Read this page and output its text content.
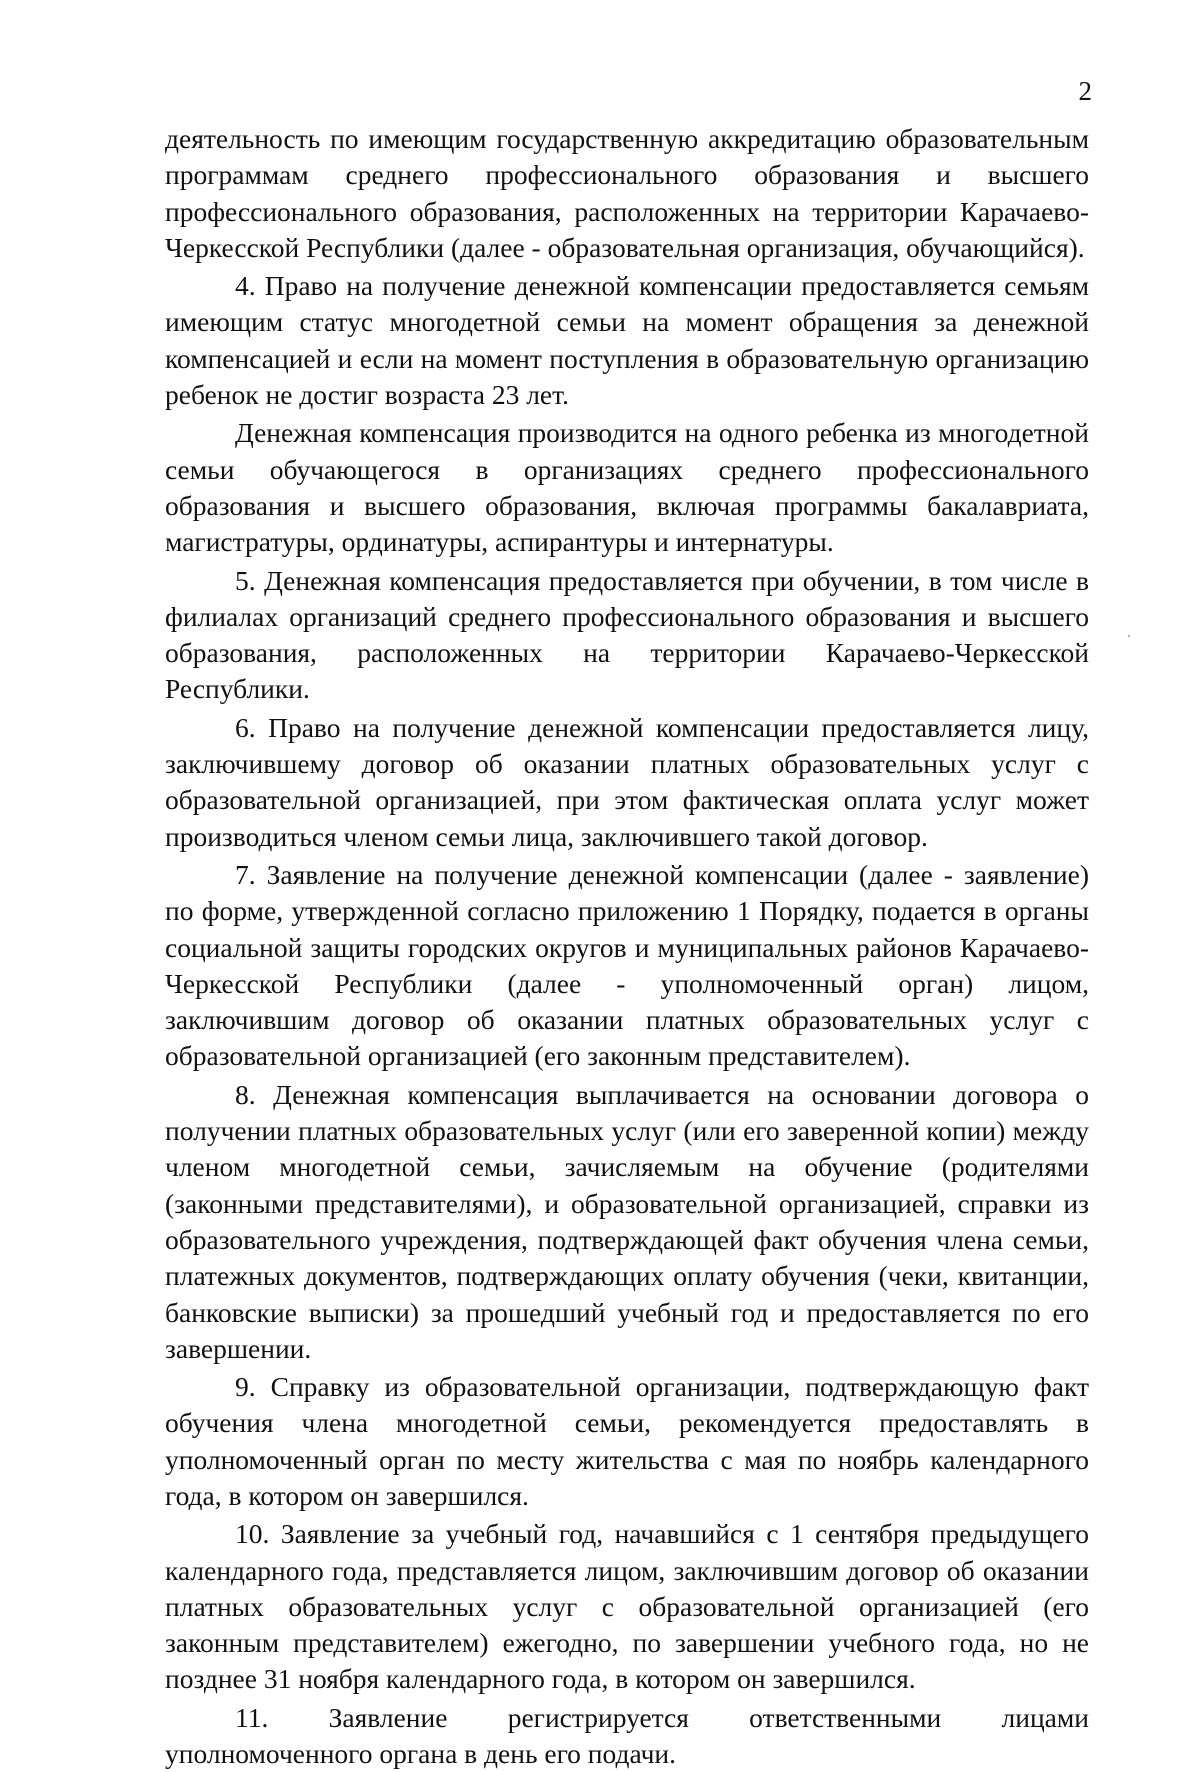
2

деятельность по имеющим государственную аккредитацию образовательным программам среднего профессионального образования и высшего профессионального образования, расположенных на территории Карачаево-Черкесской Республики (далее - образовательная организация, обучающийся).

4. Право на получение денежной компенсации предоставляется семьям имеющим статус многодетной семьи на момент обращения за денежной компенсацией и если на момент поступления в образовательную организацию ребенок не достиг возраста 23 лет.

Денежная компенсация производится на одного ребенка из многодетной семьи обучающегося в организациях среднего профессионального образования и высшего образования, включая программы бакалавриата, магистратуры, ординатуры, аспирантуры и интернатуры.

5. Денежная компенсация предоставляется при обучении, в том числе в филиалах организаций среднего профессионального образования и высшего образования, расположенных на территории Карачаево-Черкесской Республики.

6. Право на получение денежной компенсации предоставляется лицу, заключившему договор об оказании платных образовательных услуг с образовательной организацией, при этом фактическая оплата услуг может производиться членом семьи лица, заключившего такой договор.

7. Заявление на получение денежной компенсации (далее - заявление) по форме, утвержденной согласно приложению 1 Порядку, подается в органы социальной защиты городских округов и муниципальных районов Карачаево-Черкесской Республики (далее - уполномоченный орган) лицом, заключившим договор об оказании платных образовательных услуг с образовательной организацией (его законным представителем).

8. Денежная компенсация выплачивается на основании договора о получении платных образовательных услуг (или его заверенной копии) между членом многодетной семьи, зачисляемым на обучение (родителями (законными представителями), и образовательной организацией, справки из образовательного учреждения, подтверждающей факт обучения члена семьи, платежных документов, подтверждающих оплату обучения (чеки, квитанции, банковские выписки) за прошедший учебный год и предоставляется по его завершении.

9. Справку из образовательной организации, подтверждающую факт обучения члена многодетной семьи, рекомендуется предоставлять в уполномоченный орган по месту жительства с мая по ноябрь календарного года, в котором он завершился.

10. Заявление за учебный год, начавшийся с 1 сентября предыдущего календарного года, представляется лицом, заключившим договор об оказании платных образовательных услуг с образовательной организацией (его законным представителем) ежегодно, по завершении учебного года, но не позднее 31 ноября календарного года, в котором он завершился.

11. Заявление регистрируется ответственными лицами уполномоченного органа в день его подачи.
